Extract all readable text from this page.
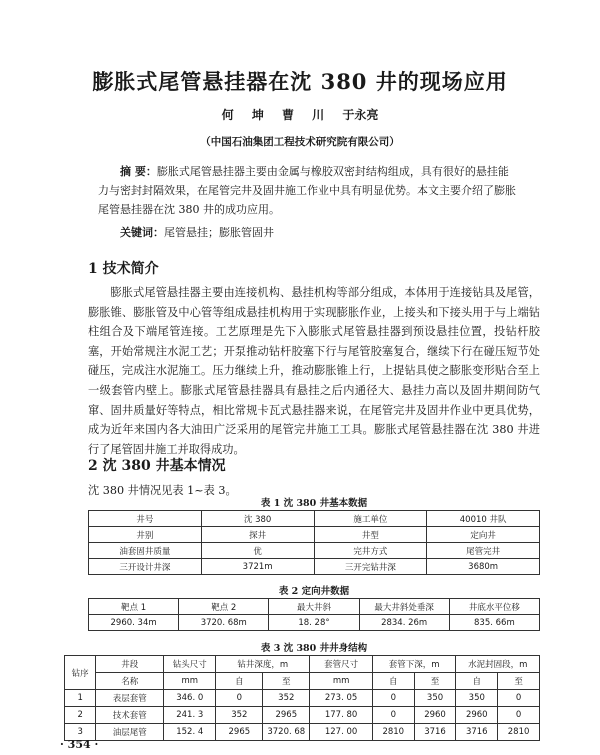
膨胀式尾管悬挂器在沈 380 井的现场应用
何 坤 曹 川 于永亮
（中国石油集团工程技术研究院有限公司）
摘 要：膨胀式尾管悬挂器主要由金属与橡胶双密封结构组成，具有很好的悬挂能力与密封封隔效果，在尾管完井及固井施工作业中具有明显优势。本文主要介绍了膨胀尾管悬挂器在沈 380 井的成功应用。
关键词：尾管悬挂；膨胀管固井
1 技术简介
膨胀式尾管悬挂器主要由连接机构、悬挂机构等部分组成，本体用于连接钻具及尾管，膨胀锥、膨胀管及中心管等组成悬挂机构用于实现膨胀作业，上接头和下接头用于与上端钻柱组合及下端尾管连接。工艺原理是先下入膨胀式尾管悬挂器到预设悬挂位置，投钻杆胶塞，开始常规注水泥工艺；开泵推动钻杆胶塞下行与尾管胶塞复合，继续下行在碰压短节处碰压，完成注水泥施工。压力继续上升，推动膨胀锥上行，上提钻具使之膨胀变形贴合至上一级套管内壁上。膨胀式尾管悬挂器具有悬挂之后内通径大、悬挂力高以及固井期间防气窜、固井质量好等特点，相比常规卡瓦式悬挂器来说，在尾管完井及固井作业中更具优势，成为近年来国内各大油田广泛采用的尾管完井施工工具。膨胀式尾管悬挂器在沈 380 井进行了尾管固井施工并取得成功。
2 沈 380 井基本情况
沈 380 井情况见表 1~表 3。
表 1 沈 380 井基本数据
井号	沈 380	施工单位	40010 井队
井别	探井	井型	定向井
油套固井质量	优	完井方式	尾管完井
三开设计井深	3721m	三开完钻井深	3680m
表 2 定向井数据
靶点 1	靶点 2	最大井斜	最大井斜处垂深	井底水平位移
2960. 34m	3720. 68m	18. 28°	2834. 26m	835. 66m
表 3 沈 380 井井身结构
钻序	井段	钻头尺寸	钻井深度，m		套管尺寸	套管下深，m		水泥封固段，m	
	名称	mm	自	至	mm	自	至	自	至
1	表层套管	346. 0	0	352	273. 05	0	350	350	0
2	技术套管	241. 3	352	2965	177. 80	0	2960	2960	0
3	油层尾管	152. 4	2965	3720. 68	127. 00	2810	3716	3716	2810
· 354 ·
